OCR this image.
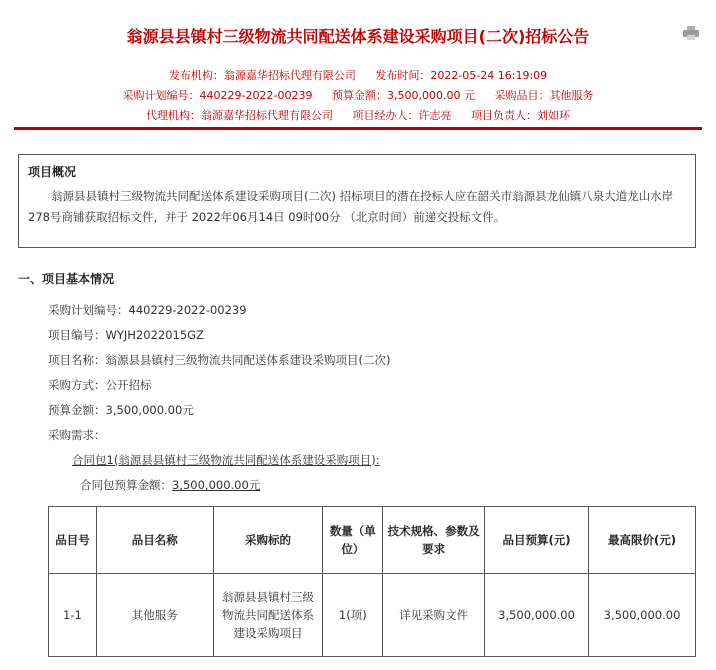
翁源县县镇村三级物流共同配送体系建设采购项目(二次)招标公告
发布机构：翁源嘉华招标代理有限公司 发布时间：2022-05-24 16:19:09
采购计划编号：440229-2022-00239 预算金额：3,500,000.00 元 采购品目：其他服务
代理机构：翁源嘉华招标代理有限公司 项目经办人：许志亮 项目负责人：刘如环
项目概况

翁源县县镇村三级物流共同配送体系建设采购项目(二次) 招标项目的潜在投标人应在韶关市翁源县龙仙镇八泉大道龙山水岸278号商铺获取招标文件，并于 2022年06月14日 09时00分 （北京时间）前递交投标文件。

一、项目基本情况
采购计划编号：440229-2022-00239
项目编号：WYJH2022015GZ
项目名称：翁源县县镇村三级物流共同配送体系建设采购项目(二次)
采购方式：公开招标
预算金额：3,500,000.00元
采购需求：
合同包1(翁源县县镇村三级物流共同配送体系建设采购项目):
合同包预算金额：3,500,000.00元
品目号	品目名称	采购标的	数量（单位）	技术规格、参数及要求	品目预算(元)	最高限价(元)
1-1	其他服务	翁源县县镇村三级物流共同配送体系建设采购项目	1(项)	详见采购文件	3,500,000.00	3,500,000.00
